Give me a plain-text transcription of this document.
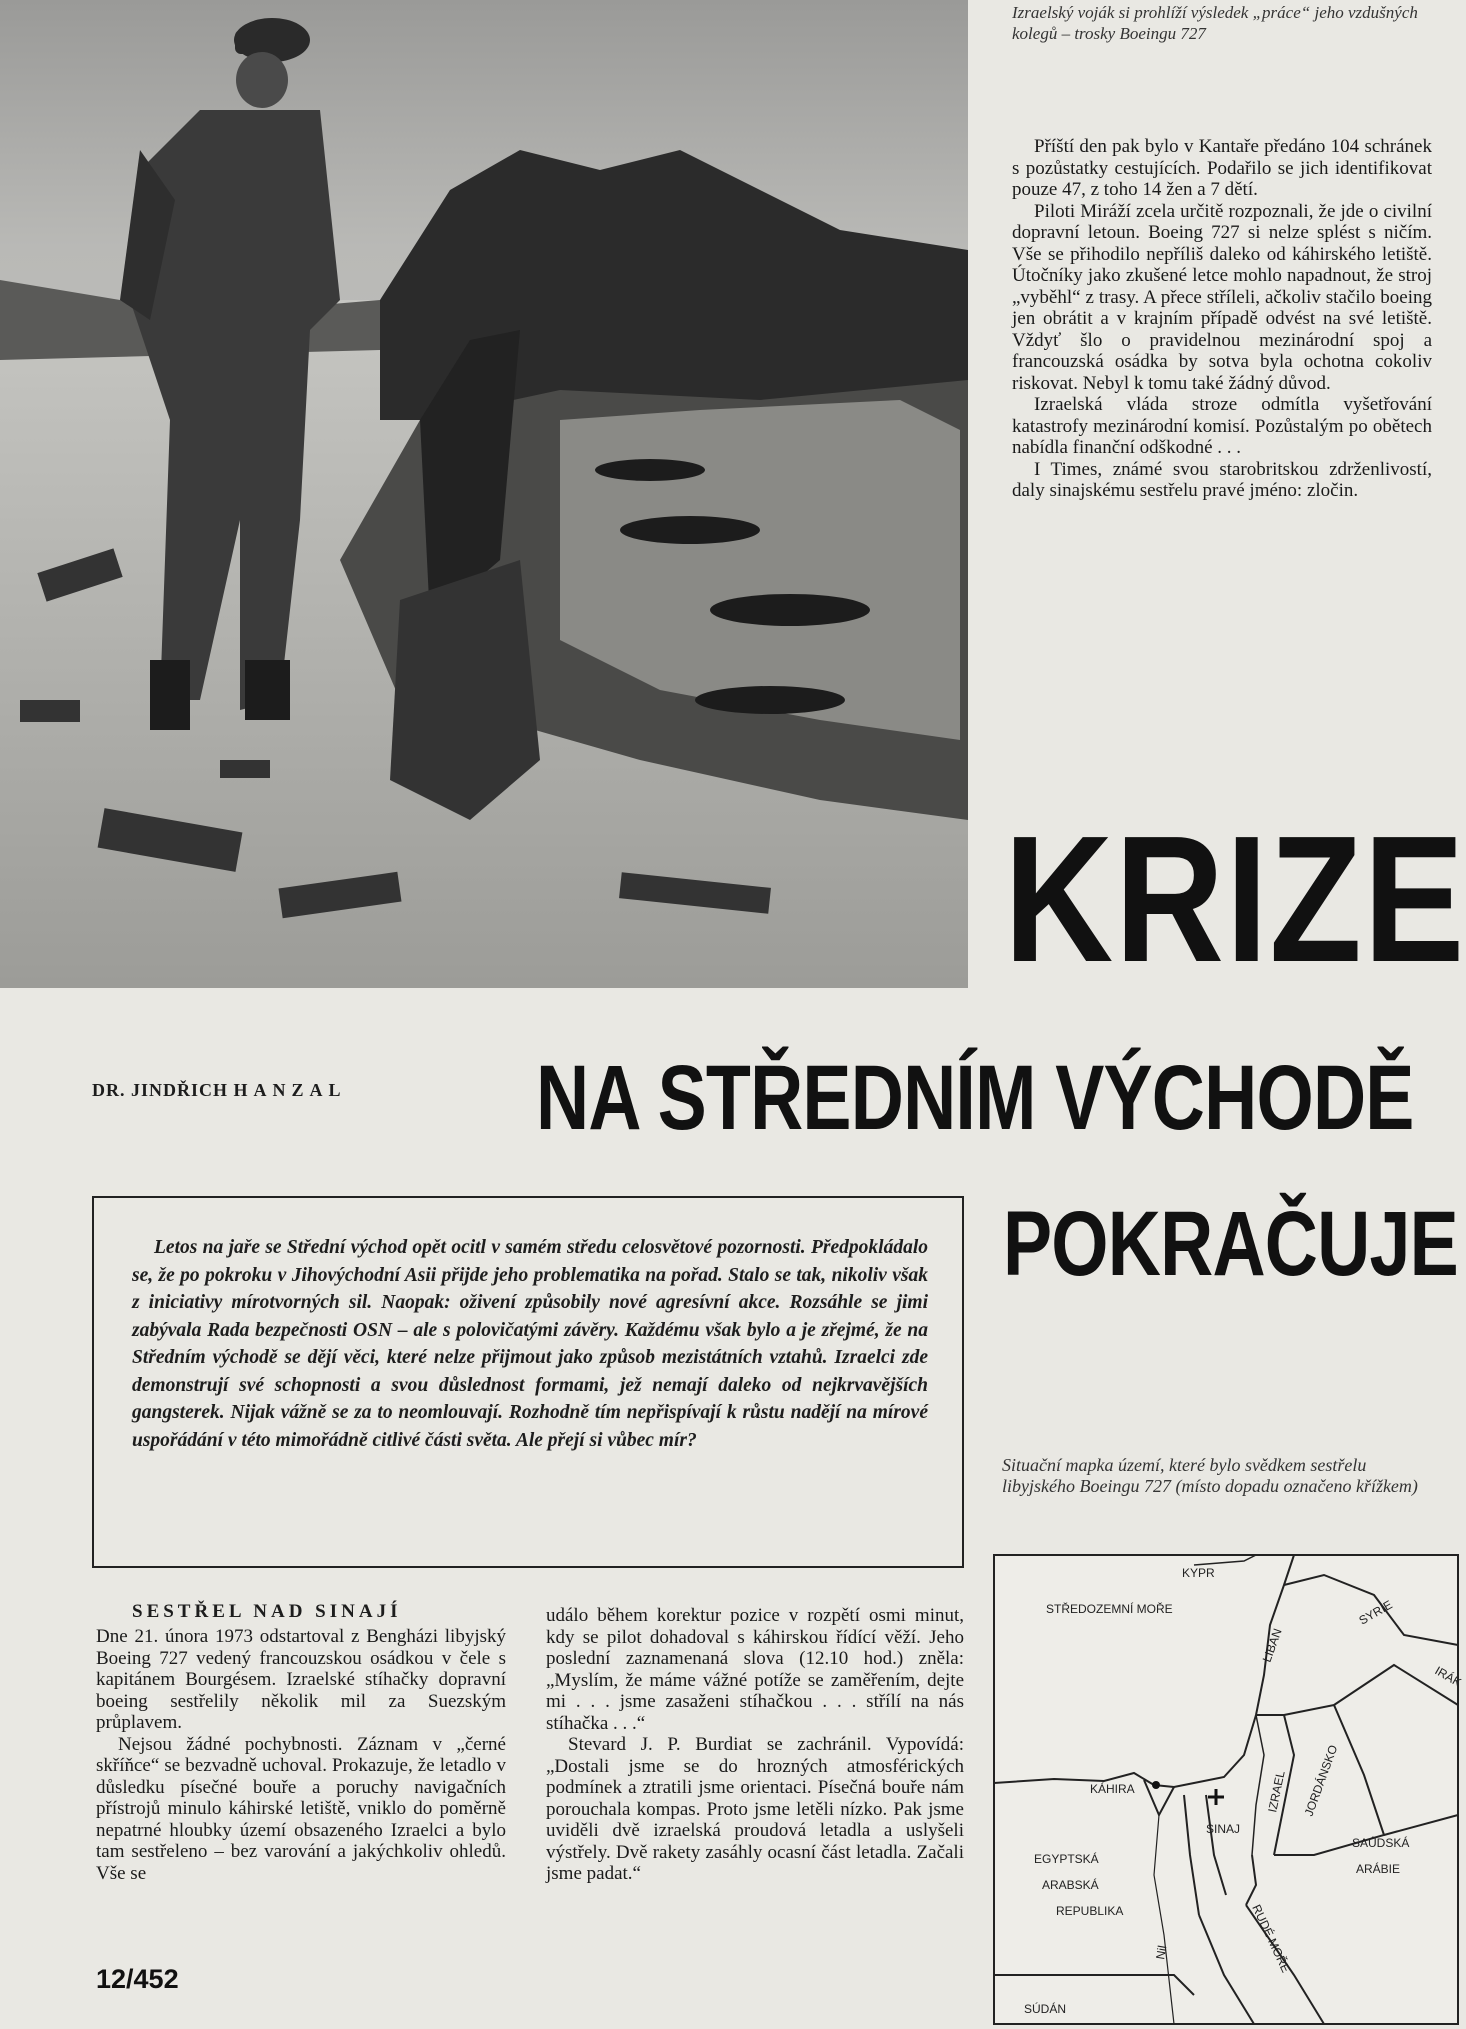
Izraelský voják si prohlíží výsledek „práce“ jeho vzdušných kolegů – trosky Boeingu 727

Příští den pak bylo v Kantaře předáno 104 schránek s pozůstatky cestujících. Podařilo se jich identifikovat pouze 47, z toho 14 žen a 7 dětí.

Piloti Miráží zcela určitě rozpoznali, že jde o civilní dopravní letoun. Boeing 727 si nelze splést s ničím. Vše se přihodilo nepříliš daleko od káhirského letiště. Útočníky jako zkušené letce mohlo napadnout, že stroj „vyběhl“ z trasy. A přece stříleli, ačkoliv stačilo boeing jen obrátit a v krajním případě odvést na své letiště. Vždyť šlo o pravidelnou mezinárodní spoj a francouzská osádka by sotva byla ochotna cokoliv riskovat. Nebyl k tomu také žádný důvod.

Izraelská vláda stroze odmítla vyšetřování katastrofy mezinárodní komisí. Pozůstalým po obětech nabídla finanční odškodné . . .

I Times, známé svou starobritskou zdrženlivostí, daly sinajskému sestřelu pravé jméno: zločin.

KRIZE
NA STŘEDNÍM VÝCHODĚ
POKRAČUJE
DR. JINDŘICH HANZAL

Letos na jaře se Střední východ opět ocitl v samém středu celosvětové pozornosti. Předpokládalo se, že po pokroku v Jihovýchodní Asii přijde jeho problematika na pořad. Stalo se tak, nikoliv však z iniciativy mírotvorných sil. Naopak: oživení způsobily nové agresívní akce. Rozsáhle se jimi zabývala Rada bezpečnosti OSN – ale s polovičatými závěry. Každému však bylo a je zřejmé, že na Středním východě se dějí věci, které nelze přijmout jako způsob mezistátních vztahů. Izraelci zde demonstrují své schopnosti a svou důslednost formami, jež nemají daleko od nejkrvavějších gangsterek. Nijak vážně se za to neomlouvají. Rozhodně tím nepřispívají k růstu nadějí na mírové uspořádání v této mimořádně citlivé části světa. Ale přejí si vůbec mír?

Situační mapka území, které bylo svědkem sestřelu libyjského Boeingu 727 (místo dopadu označeno křížkem)
SESTŘEL NAD SINAJÍ

Dne 21. února 1973 odstartoval z Bengházi libyjský Boeing 727 vedený francouzskou osádkou v čele s kapitánem Bourgésem. Izraelské stíhačky dopravní boeing sestřelily několik mil za Suezským průplavem.

Nejsou žádné pochybnosti. Záznam v „černé skříňce“ se bezvadně uchoval. Prokazuje, že letadlo v důsledku písečné bouře a poruchy navigačních přístrojů minulo káhirské letiště, vniklo do poměrně nepatrné hloubky území obsazeného Izraelci a bylo tam sestřeleno – bez varování a jakýchkoliv ohledů. Vše se

událo během korektur pozice v rozpětí osmi minut, kdy se pilot dohadoval s káhirskou řídící věží. Jeho poslední zaznamenaná slova (12.10 hod.) zněla: „Myslím, že máme vážné potíže se zaměřením, dejte mi . . . jsme zasaženi stíhačkou . . . střílí na nás stíhačka . . .“

Stevard J. P. Burdiat se zachránil. Vypovídá: „Dostali jsme se do hrozných atmosférických podmínek a ztratili jsme orientaci. Písečná bouře nám porouchala kompas. Proto jsme letěli nízko. Pak jsme uviděli dvě izraelská proudová letadla a uslyšeli výstřely. Dvě rakety zasáhly ocasní část letadla. Začali jsme padat.“

KYPR
STŘEDOZEMNÍ MOŘE
LIBAN
SYRIE
IRÁK
KÁHIRA
SINAJ
IZRAEL JORDÁNSKO
EGYPTSKÁ
ARABSKÁ
REPUBLIKA
SAÚDSKÁ
ARÁBIE
RUDÉ MOŘE
Nil
SÚDÁN
12/452
